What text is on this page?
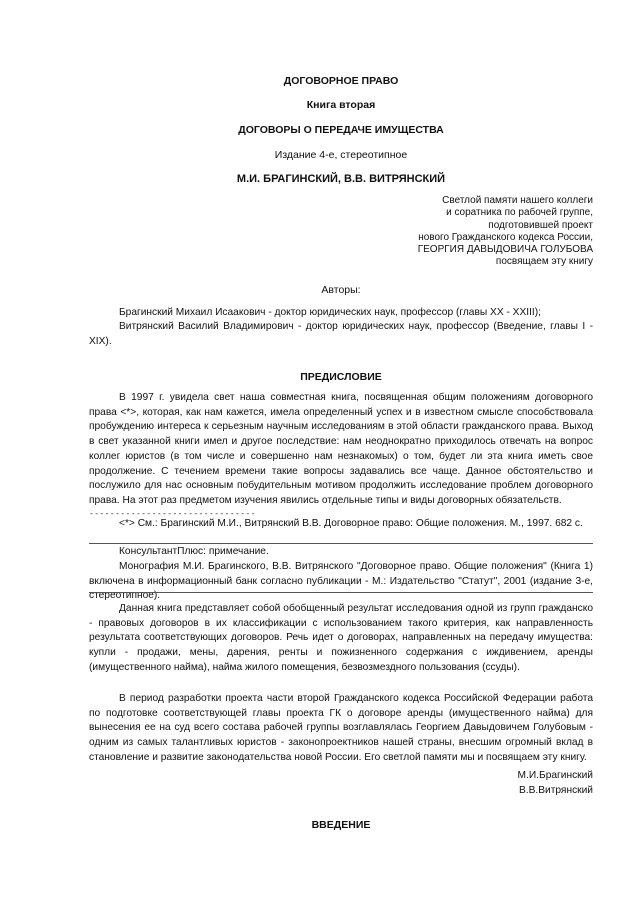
ДОГОВОРНОЕ ПРАВО
Книга вторая
ДОГОВОРЫ О ПЕРЕДАЧЕ ИМУЩЕСТВА
Издание 4-е, стереотипное
М.И. БРАГИНСКИЙ, В.В. ВИТРЯНСКИЙ
Светлой памяти нашего коллеги
и соратника по рабочей группе,
подготовившей проект
нового Гражданского кодекса России,
ГЕОРГИЯ ДАВЫДОВИЧА ГОЛУБОВА
посвящаем эту книгу
Авторы:
Брагинский Михаил Исаакович - доктор юридических наук, профессор (главы XX - XXIII);
Витрянский Василий Владимирович - доктор юридических наук, профессор (Введение, главы I - XIX).
ПРЕДИСЛОВИЕ
В 1997 г. увидела свет наша совместная книга, посвященная общим положениям договорного права <*>, которая, как нам кажется, имела определенный успех и в известном смысле способствовала пробуждению интереса к серьезным научным исследованиям в этой области гражданского права. Выход в свет указанной книги имел и другое последствие: нам неоднократно приходилось отвечать на вопрос коллег юристов (в том числе и совершенно нам незнакомых) о том, будет ли эта книга иметь свое продолжение. С течением времени такие вопросы задавались все чаще. Данное обстоятельство и послужило для нас основным побудительным мотивом продолжить исследование проблем договорного права. На этот раз предметом изучения явились отдельные типы и виды договорных обязательств.
--------------------------------
<*> См.: Брагинский М.И., Витрянский В.В. Договорное право: Общие положения. М., 1997. 682 с.
КонсультантПлюс: примечание.
Монография М.И. Брагинского, В.В. Витрянского "Договорное право. Общие положения" (Книга 1) включена в информационный банк согласно публикации - М.: Издательство "Статут", 2001 (издание 3-е, стереотипное).
Данная книга представляет собой обобщенный результат исследования одной из групп гражданско - правовых договоров в их классификации с использованием такого критерия, как направленность результата соответствующих договоров. Речь идет о договорах, направленных на передачу имущества: купли - продажи, мены, дарения, ренты и пожизненного содержания с иждивением, аренды (имущественного найма), найма жилого помещения, безвозмездного пользования (ссуды).
В период разработки проекта части второй Гражданского кодекса Российской Федерации работа по подготовке соответствующей главы проекта ГК о договоре аренды (имущественного найма) для вынесения ее на суд всего состава рабочей группы возглавлялась Георгием Давыдовичем Голубовым - одним из самых талантливых юристов - законопроектников нашей страны, внесшим огромный вклад в становление и развитие законодательства новой России. Его светлой памяти мы и посвящаем эту книгу.
М.И.Брагинский
В.В.Витрянский
ВВЕДЕНИЕ
